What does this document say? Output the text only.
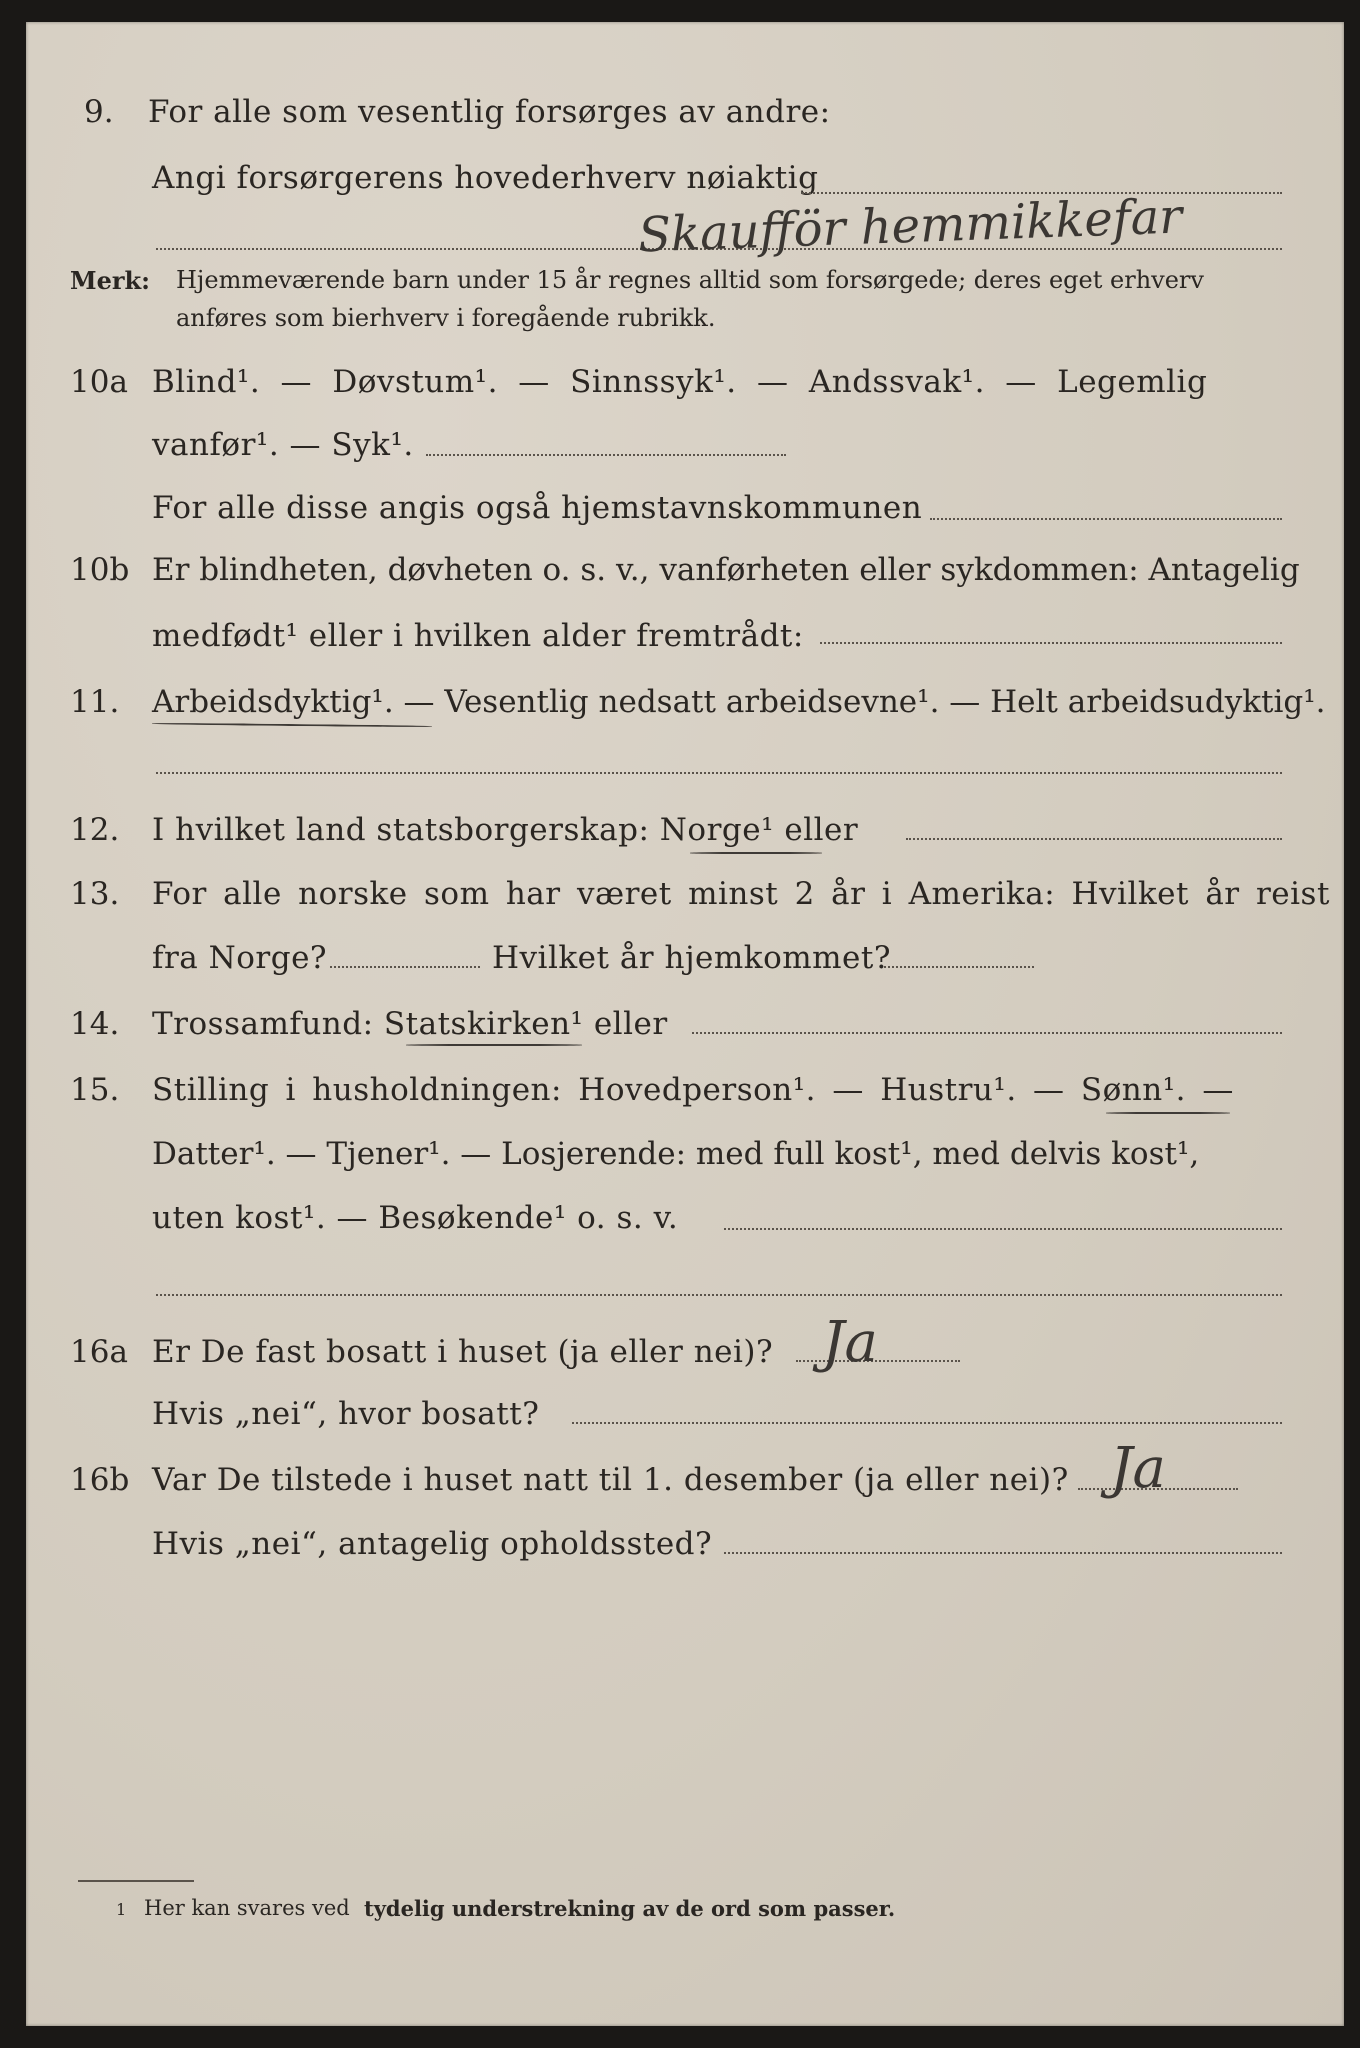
9. For alle som vesentlig forsørges av andre:
Angi forsørgerens hovederhverv nøiaktig
Skaufför hemmikkefar
Merk: Hjemmeværende barn under 15 år regnes alltid som forsørgede; deres eget erhverv
anføres som bierhverv i foregående rubrikk.
10a Blind¹. — Døvstum¹. — Sinnssyk¹. — Andssvak¹. — Legemlig
vanfør¹. — Syk¹.
For alle disse angis også hjemstavnskommunen
10b Er blindheten, døvheten o. s. v., vanførheten eller sykdommen: Antagelig
medfødt¹ eller i hvilken alder fremtrådt:
11. Arbeidsdyktig¹. — Vesentlig nedsatt arbeidsevne¹. — Helt arbeidsudyktig¹.
12. I hvilket land statsborgerskap: Norge¹ eller
13. For alle norske som har været minst 2 år i Amerika: Hvilket år reist
fra Norge?	Hvilket år hjemkommet?
14. Trossamfund: Statskirken¹ eller
15. Stilling i husholdningen: Hovedperson¹. — Hustru¹. — Sønn¹. —
Datter¹. — Tjener¹. — Losjerende: med full kost¹, med delvis kost¹,
uten kost¹. — Besøkende¹ o. s. v.
16a Er De fast bosatt i huset (ja eller nei)? Ja
Hvis „nei“, hvor bosatt?
16b Var De tilstede i huset natt til 1. desember (ja eller nei)? Ja
Hvis „nei“, antagelig opholdssted?
1 Her kan svares ved tydelig understrekning av de ord som passer.
